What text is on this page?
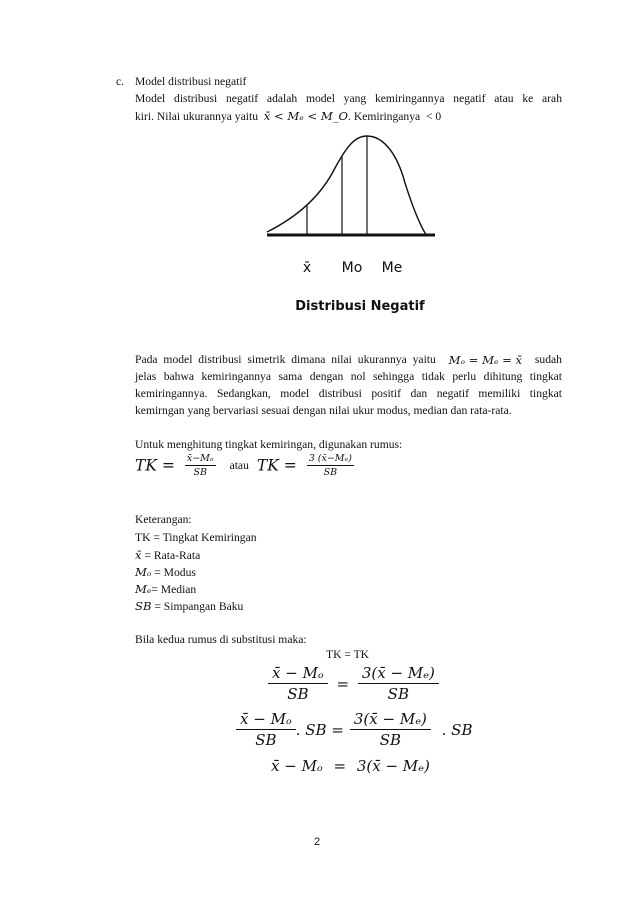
c. Model distribusi negatif
Model distribusi negatif adalah model yang kemiringannya negatif atau ke arah
kiri. Nilai ukurannya yaitu x̄ < Mₑ < M_O. Kemiringanya < 0
x̄ Mo Me
Distribusi Negatif
Pada model distribusi simetrik dimana nilai ukurannya yaitu Mₒ = Mₑ = x̄ sudah
jelas bahwa kemiringannya sama dengan nol sehingga tidak perlu dihitung tingkat
kemiringannya. Sedangkan, model distribusi positif dan negatif memiliki tingkat
kemirngan yang bervariasi sesuai dengan nilai ukur modus, median dan rata-rata.
Untuk menghitung tingkat kemiringan, digunakan rumus:
TK = $\frac{\text{x̄−Mₒ}}{SB}$ atau TK = $\frac{\text{3 (x̄−Mₑ)}}{SB}$
Keterangan:
TK = Tingkat Kemiringan
x̄ = Rata-Rata
Mₒ = Modus
Mₑ= Median
SB = Simpangan Baku
Bila kedua rumus di substitusi maka:
TK = TK
$\frac{\text{x̄ − Mₒ}}{SB} = \frac{\text{3(x̄ − Mₑ)}}{SB}$
$\frac{\text{x̄ − Mₒ}}{SB}$ . SB = $\frac{\text{3(x̄ − Mₑ)}}{SB}$ . SB
x̄ − Mₒ = 3(x̄ − Mₑ)
2
